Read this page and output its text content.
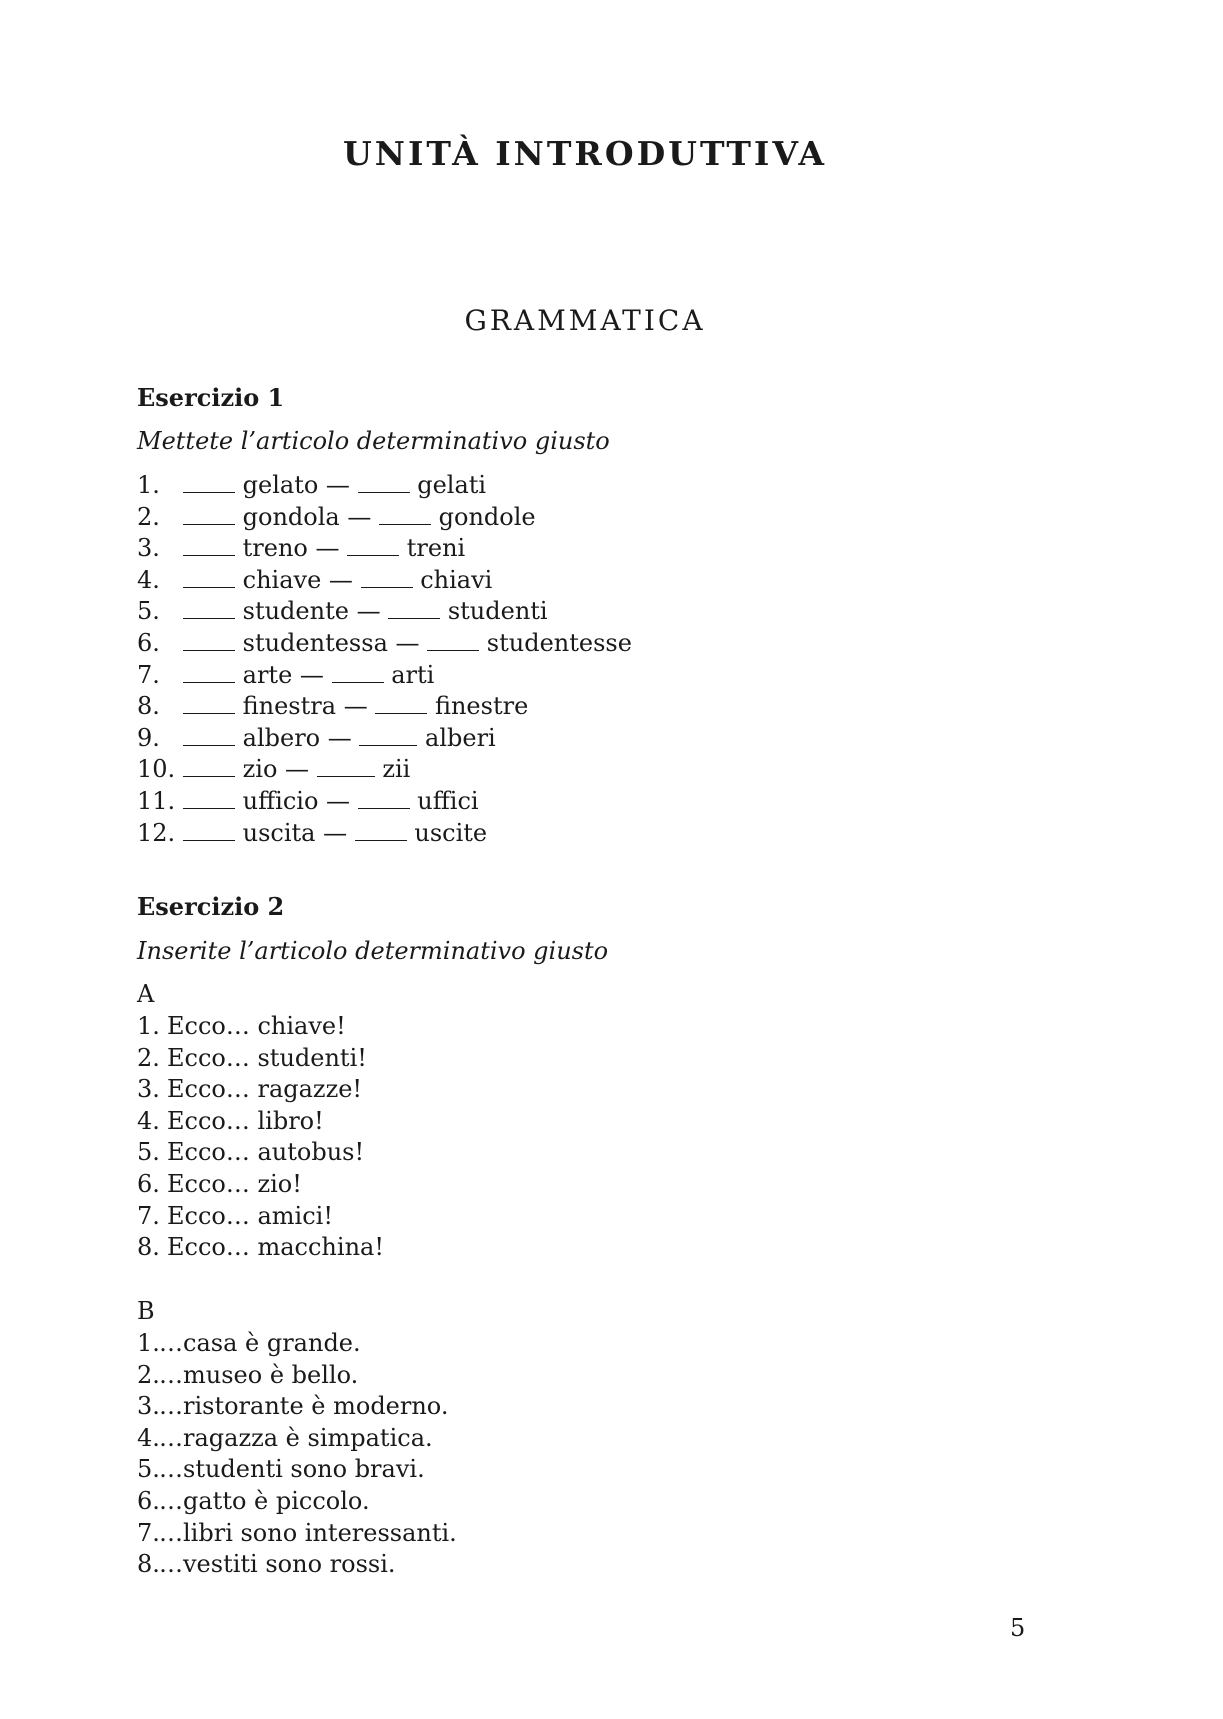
UNITÀ INTRODUTTIVA
GRAMMATICA
Esercizio 1

Mettete l’articolo determinativo giusto

1.	gelato —  gelati
2.	gondola —  gondole
3.	treno —  treni
4.	chiave —  chiavi
5.	studente —  studenti
6.	studentessa —  studentesse
7.	arte —  arti
8.	finestra —  finestre
9.	albero —	alberi
10.	zio —	zii
11.	ufficio —  uffici
12.	uscita —  uscite
Esercizio 2

Inserite l’articolo determinativo giusto

A

1. Ecco… chiave!
2. Ecco… studenti!
3. Ecco… ragazze!
4. Ecco… libro!
5. Ecco… autobus!
6. Ecco… zio!
7. Ecco… amici!
8. Ecco… macchina!

B

1.…casa è grande.
2.…museo è bello.
3.…ristorante è moderno.
4.…ragazza è simpatica.
5.…studenti sono bravi.
6.…gatto è piccolo.
7.…libri sono interessanti.
8.…vestiti sono rossi.

5
